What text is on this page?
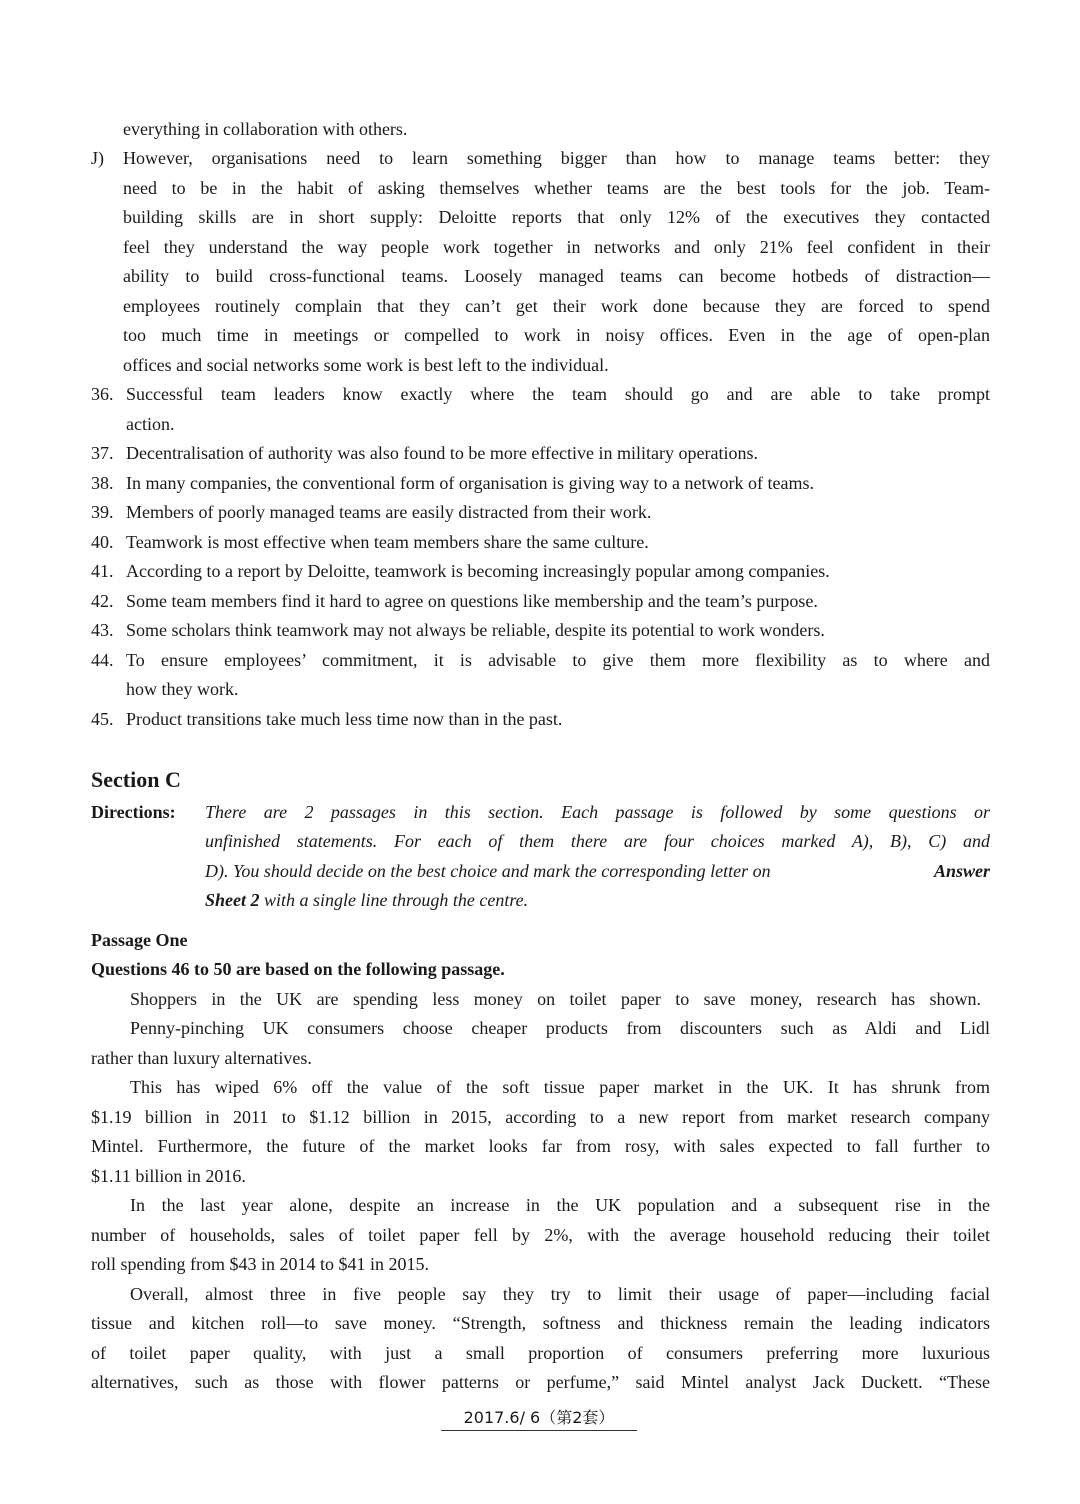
everything in collaboration with others.
J) However, organisations need to learn something bigger than how to manage teams better: they
need to be in the habit of asking themselves whether teams are the best tools for the job. Team-
building skills are in short supply: Deloitte reports that only 12% of the executives they contacted
feel they understand the way people work together in networks and only 21% feel confident in their
ability to build cross-functional teams. Loosely managed teams can become hotbeds of distraction—
employees routinely complain that they can’t get their work done because they are forced to spend
too much time in meetings or compelled to work in noisy offices. Even in the age of open-plan
offices and social networks some work is best left to the individual.
36. Successful team leaders know exactly where the team should go and are able to take prompt
action.
37. Decentralisation of authority was also found to be more effective in military operations.
38. In many companies, the conventional form of organisation is giving way to a network of teams.
39. Members of poorly managed teams are easily distracted from their work.
40. Teamwork is most effective when team members share the same culture.
41. According to a report by Deloitte, teamwork is becoming increasingly popular among companies.
42. Some team members find it hard to agree on questions like membership and the team’s purpose.
43. Some scholars think teamwork may not always be reliable, despite its potential to work wonders.
44. To ensure employees’ commitment, it is advisable to give them more flexibility as to where and
how they work.
45. Product transitions take much less time now than in the past.
Section C
Directions: There are 2 passages in this section. Each passage is followed by some questions or
unfinished statements. For each of them there are four choices marked A), B), C) and
D). You should decide on the best choice and mark the corresponding letter on	Answer
Sheet 2 with a single line through the centre.
Passage One
Questions 46 to 50 are based on the following passage.
Shoppers in the UK are spending less money on toilet paper to save money, research has shown.
Penny-pinching UK consumers choose cheaper products from discounters such as Aldi and Lidl
rather than luxury alternatives.
This has wiped 6% off the value of the soft tissue paper market in the UK. It has shrunk from
$1.19 billion in 2011 to $1.12 billion in 2015, according to a new report from market research company
Mintel. Furthermore, the future of the market looks far from rosy, with sales expected to fall further to
$1.11 billion in 2016.
In the last year alone, despite an increase in the UK population and a subsequent rise in the
number of households, sales of toilet paper fell by 2%, with the average household reducing their toilet
roll spending from $43 in 2014 to $41 in 2015.
Overall, almost three in five people say they try to limit their usage of paper—including facial
tissue and kitchen roll—to save money. “Strength, softness and thickness remain the leading indicators
of toilet paper quality, with just a small proportion of consumers preferring more luxurious
alternatives, such as those with flower patterns or perfume,” said Mintel analyst Jack Duckett. “These
2017.6/ 6（第2套）
